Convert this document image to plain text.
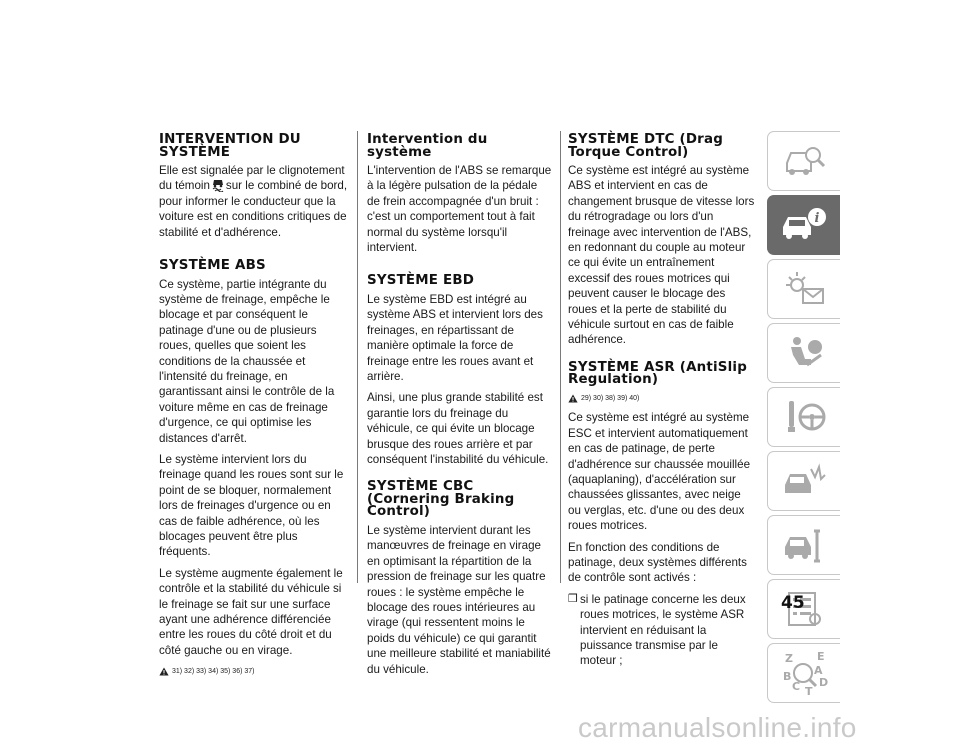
INTERVENTION DU SYSTÈME

Elle est signalée par le clignotement du témoin sur le combiné de bord, pour informer le conducteur que la voiture est en conditions critiques de stabilité et d'adhérence.

SYSTÈME ABS

Ce système, partie intégrante du système de freinage, empêche le blocage et par conséquent le patinage d'une ou de plusieurs roues, quelles que soient les conditions de la chaussée et l'intensité du freinage, en garantissant ainsi le contrôle de la voiture même en cas de freinage d'urgence, ce qui optimise les distances d'arrêt.

Le système intervient lors du freinage quand les roues sont sur le point de se bloquer, normalement lors de freinages d'urgence ou en cas de faible adhérence, où les blocages peuvent être plus fréquents.

Le système augmente également le contrôle et la stabilité du véhicule si le freinage se fait sur une surface ayant une adhérence différenciée entre les roues du côté droit et du côté gauche ou en virage.

31) 32) 33) 34) 35) 36) 37)
Intervention du système

L'intervention de l'ABS se remarque à la légère pulsation de la pédale de frein accompagnée d'un bruit : c'est un comportement tout à fait normal du système lorsqu'il intervient.

SYSTÈME EBD

Le système EBD est intégré au système ABS et intervient lors des freinages, en répartissant de manière optimale la force de freinage entre les roues avant et arrière.

Ainsi, une plus grande stabilité est garantie lors du freinage du véhicule, ce qui évite un blocage brusque des roues arrière et par conséquent l'instabilité du véhicule.

SYSTÈME CBC (Cornering Braking Control)

Le système intervient durant les manœuvres de freinage en virage en optimisant la répartition de la pression de freinage sur les quatre roues : le système empêche le blocage des roues intérieures au virage (qui ressentent moins le poids du véhicule) ce qui garantit une meilleure stabilité et maniabilité du véhicule.

SYSTÈME DTC (Drag Torque Control)

Ce système est intégré au système ABS et intervient en cas de changement brusque de vitesse lors du rétrogradage ou lors d'un freinage avec intervention de l'ABS, en redonnant du couple au moteur ce qui évite un entraînement excessif des roues motrices qui peuvent causer le blocage des roues et la perte de stabilité du véhicule surtout en cas de faible adhérence.

SYSTÈME ASR (AntiSlip Regulation)
29) 30) 38) 39) 40)

Ce système est intégré au système ESC et intervient automatiquement en cas de patinage, de perte d'adhérence sur chaussée mouillée (aquaplaning), d'accélération sur chaussées glissantes, avec neige ou verglas, etc. d'une ou des deux roues motrices.

En fonction des conditions de patinage, deux systèmes différents de contrôle sont activés :

❒ si le patinage concerne les deux roues motrices, le système ASR intervient en réduisant la puissance transmise par le moteur ;
i
Z E
A
B
C D
T
45
carmanualsonline.info
